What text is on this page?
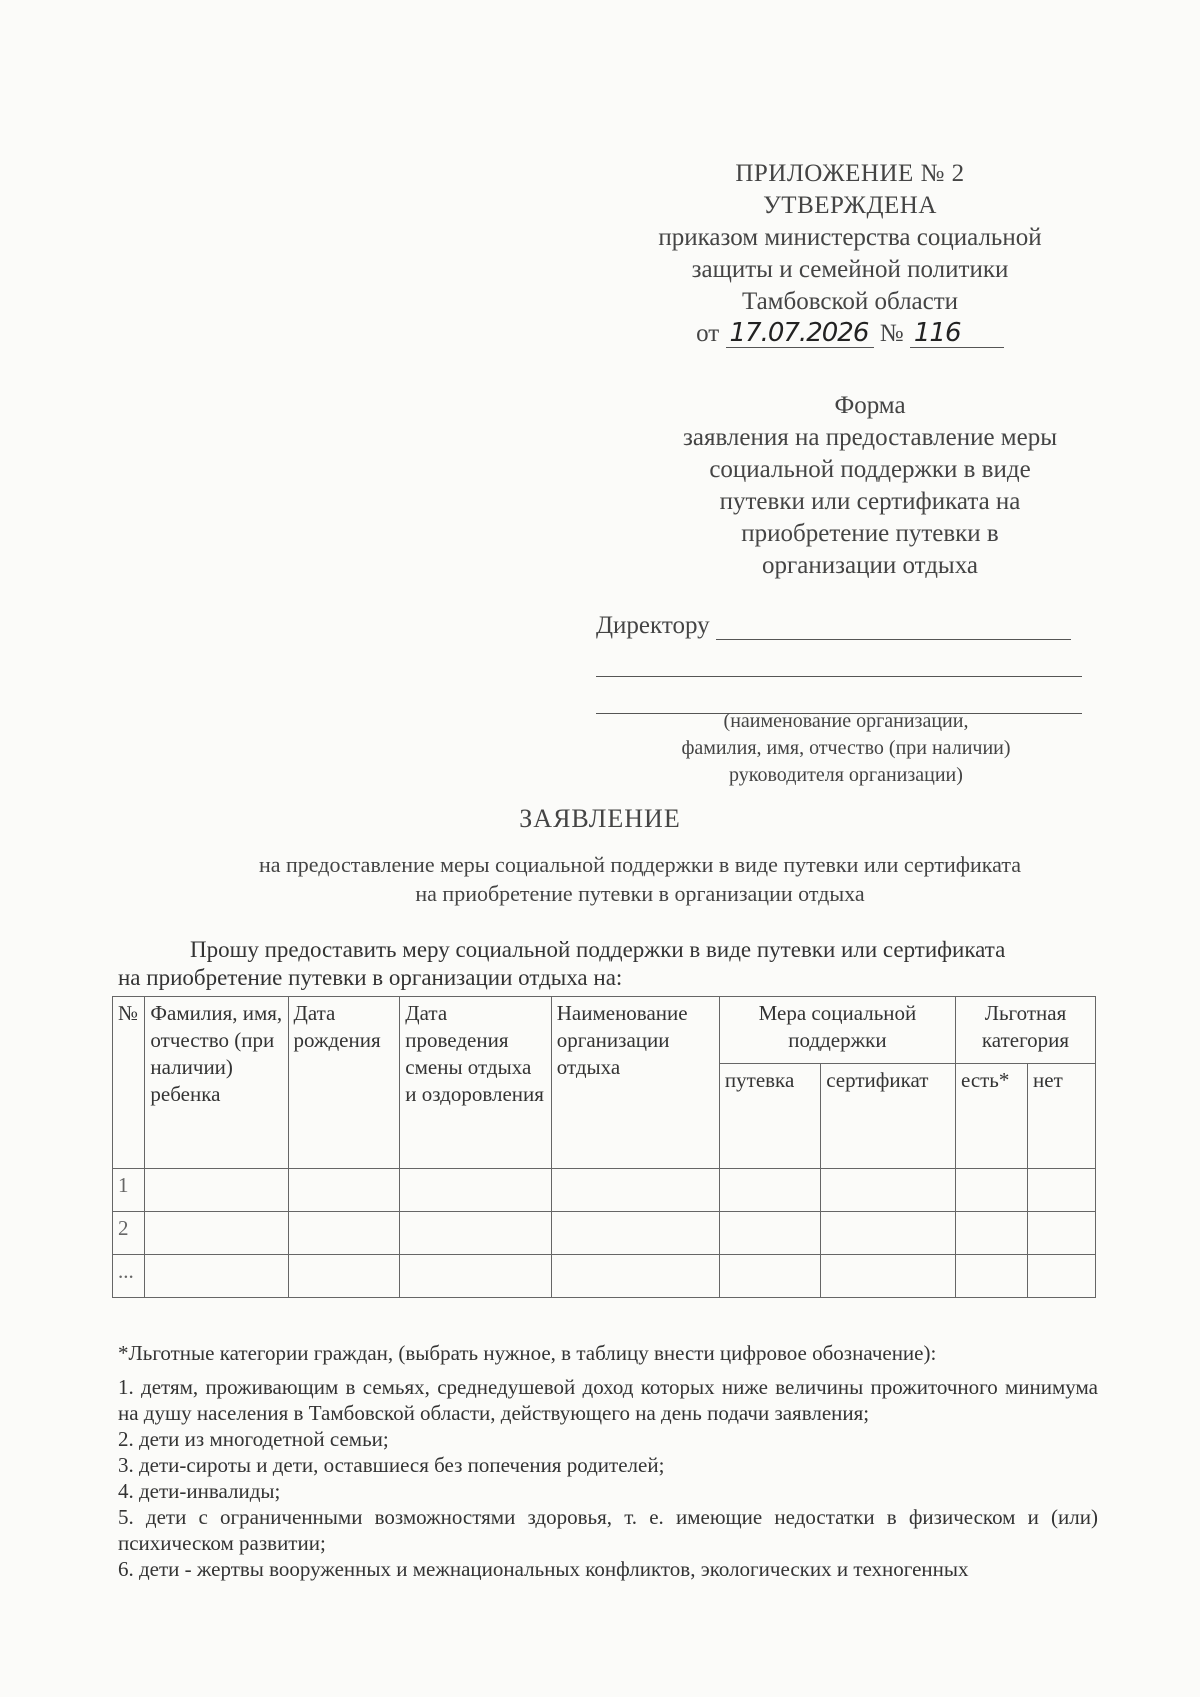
ПРИЛОЖЕНИЕ № 2
УТВЕРЖДЕНА
приказом министерства социальной
защиты и семейной политики
Тамбовской области
от 17.07.2026 № 116
Форма
заявления на предоставление меры
социальной поддержки в виде
путевки или сертификата на
приобретение путевки в
организации отдыха
Директору
(наименование организации,
фамилия, имя, отчество (при наличии)
руководителя организации)
ЗАЯВЛЕНИЕ
на предоставление меры социальной поддержки в виде путевки или сертификата
на приобретение путевки в организации отдыха
Прошу предоставить меру социальной поддержки в виде путевки или сертификата
на приобретение путевки в организации отдыха на:
№	Фамилия, имя, отчество (при наличии) ребенка	Дата рождения	Дата проведения смены отдыха и оздоровления	Наименование организации отдыха	Мера социальной поддержки		Льготная категория	
					путевка	сертификат	есть*	нет
1								
2								
...								

*Льготные категории граждан, (выбрать нужное, в таблицу внести цифровое обозначение):

1. детям, проживающим в семьях, среднедушевой доход которых ниже величины прожиточного минимума на душу населения в Тамбовской области, действующего на день подачи заявления;

2. дети из многодетной семьи;

3. дети-сироты и дети, оставшиеся без попечения родителей;

4. дети-инвалиды;

5. дети с ограниченными возможностями здоровья, т. е. имеющие недостатки в физическом и (или) психическом развитии;

6. дети - жертвы вооруженных и межнациональных конфликтов, экологических и техногенных
